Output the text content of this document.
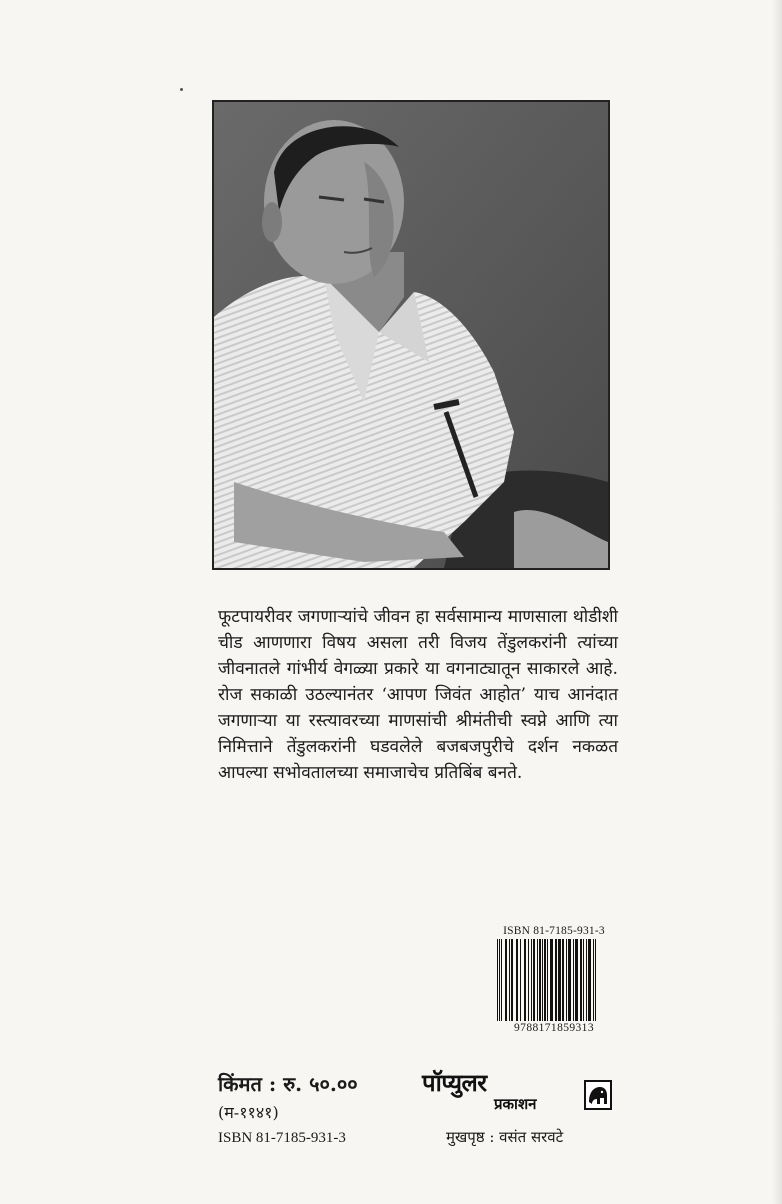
फूटपायरीवर जगणाऱ्यांचे जीवन हा सर्वसामान्य माणसाला थोडीशी चीड आणणारा विषय असला तरी विजय तेंडुलकरांनी त्यांच्या जीवनातले गांभीर्य वेगळ्या प्रकारे या वगनाट्यातून साकारले आहे. रोज सकाळी उठल्यानंतर ‘आपण जिवंत आहोत’ याच आनंदात जगणाऱ्या या रस्त्यावरच्या माणसांची श्रीमंतीची स्वप्ने आणि त्या निमित्ताने तेंडुलकरांनी घडवलेले बजबजपुरीचे दर्शन नकळत आपल्या सभोवतालच्या समाजाचेच प्रतिबिंब बनते.

ISBN 81-7185-931-3
9788171859313
किंमत : रु. ५०.००
(म-११४१)
ISBN 81-7185-931-3
पॉप्युलर
प्रकाशन
मुखपृष्ठ : वसंत सरवटे
